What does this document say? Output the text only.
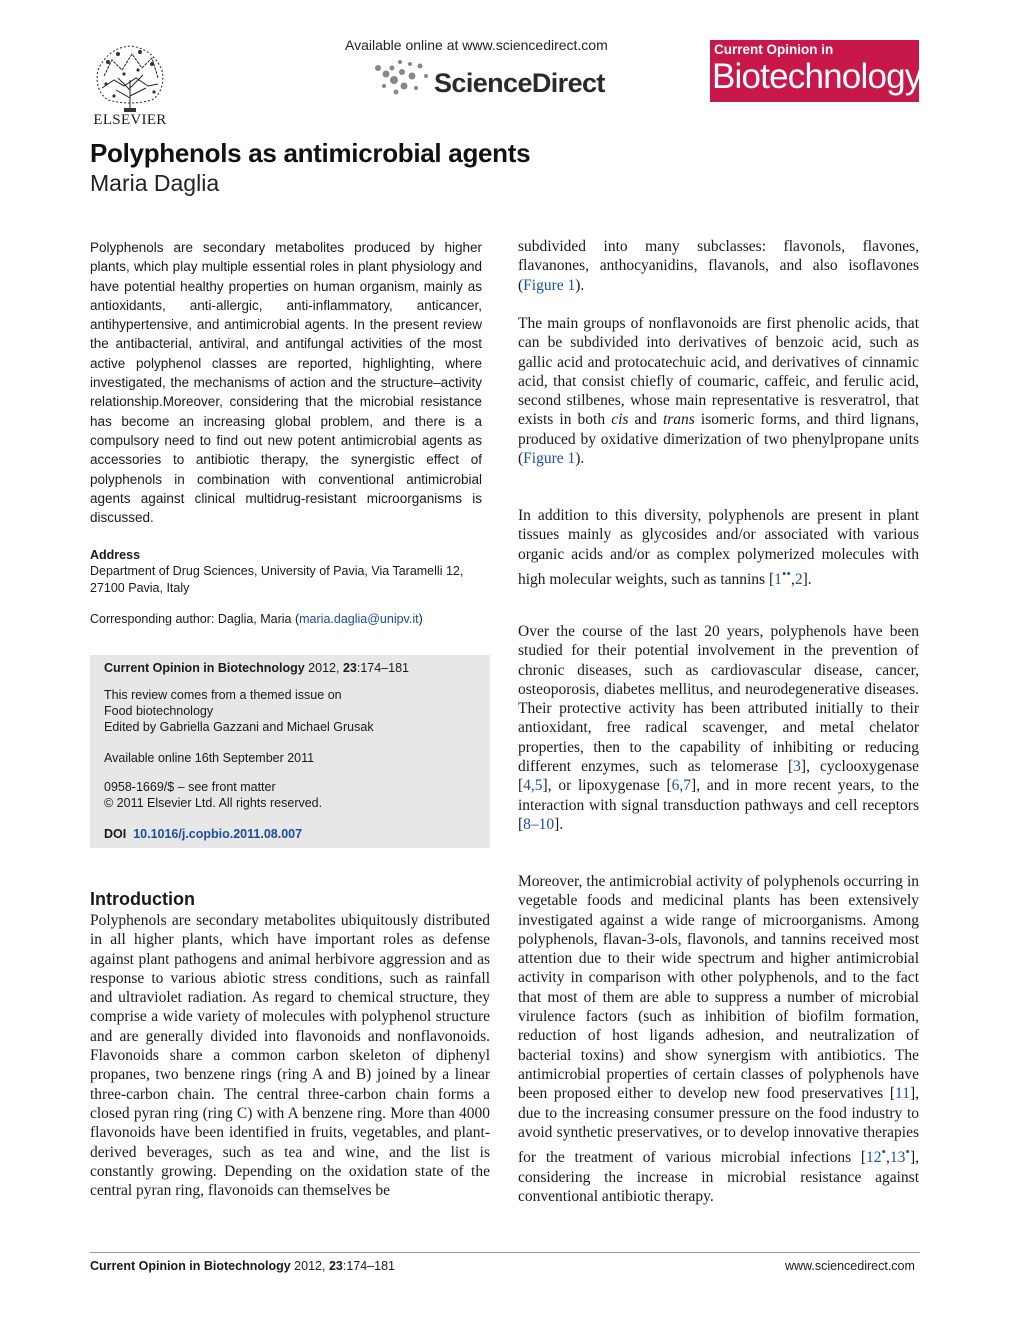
ELSEVIER
Available online at www.sciencedirect.com
ScienceDirect
Current Opinion in
Biotechnology
Polyphenols as antimicrobial agents
Maria Daglia
Polyphenols are secondary metabolites produced by higher plants, which play multiple essential roles in plant physiology and have potential healthy properties on human organism, mainly as antioxidants, anti-allergic, anti-inflammatory, anticancer, antihypertensive, and antimicrobial agents. In the present review the antibacterial, antiviral, and antifungal activities of the most active polyphenol classes are reported, highlighting, where investigated, the mechanisms of action and the structure–activity relationship.Moreover, considering that the microbial resistance has become an increasing global problem, and there is a compulsory need to find out new potent antimicrobial agents as accessories to antibiotic therapy, the synergistic effect of polyphenols in combination with conventional antimicrobial agents against clinical multidrug-resistant microorganisms is discussed.
Address
Department of Drug Sciences, University of Pavia, Via Taramelli 12,
27100 Pavia, Italy
Corresponding author: Daglia, Maria (maria.daglia@unipv.it)
Current Opinion in Biotechnology 2012, 23:174–181
This review comes from a themed issue on
Food biotechnology
Edited by Gabriella Gazzani and Michael Grusak
Available online 16th September 2011
0958-1669/$ – see front matter
© 2011 Elsevier Ltd. All rights reserved.
DOI 10.1016/j.copbio.2011.08.007
Introduction
Polyphenols are secondary metabolites ubiquitously distributed in all higher plants, which have important roles as defense against plant pathogens and animal herbivore aggression and as response to various abiotic stress conditions, such as rainfall and ultraviolet radiation. As regard to chemical structure, they comprise a wide variety of molecules with polyphenol structure and are generally divided into flavonoids and nonflavonoids. Flavonoids share a common carbon skeleton of diphenyl propanes, two benzene rings (ring A and B) joined by a linear three-carbon chain. The central three-carbon chain forms a closed pyran ring (ring C) with A benzene ring. More than 4000 flavonoids have been identified in fruits, vegetables, and plant-derived beverages, such as tea and wine, and the list is constantly growing. Depending on the oxidation state of the central pyran ring, flavonoids can themselves be
subdivided into many subclasses: flavonols, flavones, flavanones, anthocyanidins, flavanols, and also isoflavones (Figure 1).
The main groups of nonflavonoids are first phenolic acids, that can be subdivided into derivatives of benzoic acid, such as gallic acid and protocatechuic acid, and derivatives of cinnamic acid, that consist chiefly of coumaric, caffeic, and ferulic acid, second stilbenes, whose main representative is resveratrol, that exists in both cis and trans isomeric forms, and third lignans, produced by oxidative dimerization of two phenylpropane units (Figure 1).
In addition to this diversity, polyphenols are present in plant tissues mainly as glycosides and/or associated with various organic acids and/or as complex polymerized molecules with high molecular weights, such as tannins [1••,2].
Over the course of the last 20 years, polyphenols have been studied for their potential involvement in the prevention of chronic diseases, such as cardiovascular disease, cancer, osteoporosis, diabetes mellitus, and neurodegenerative diseases. Their protective activity has been attributed initially to their antioxidant, free radical scavenger, and metal chelator properties, then to the capability of inhibiting or reducing different enzymes, such as telomerase [3], cyclooxygenase [4,5], or lipoxygenase [6,7], and in more recent years, to the interaction with signal transduction pathways and cell receptors [8–10].
Moreover, the antimicrobial activity of polyphenols occurring in vegetable foods and medicinal plants has been extensively investigated against a wide range of microorganisms. Among polyphenols, flavan-3-ols, flavonols, and tannins received most attention due to their wide spectrum and higher antimicrobial activity in comparison with other polyphenols, and to the fact that most of them are able to suppress a number of microbial virulence factors (such as inhibition of biofilm formation, reduction of host ligands adhesion, and neutralization of bacterial toxins) and show synergism with antibiotics. The antimicrobial properties of certain classes of polyphenols have been proposed either to develop new food preservatives [11], due to the increasing consumer pressure on the food industry to avoid synthetic preservatives, or to develop innovative therapies for the treatment of various microbial infections [12•,13•], considering the increase in microbial resistance against conventional antibiotic therapy.
Current Opinion in Biotechnology 2012, 23:174–181	www.sciencedirect.com
